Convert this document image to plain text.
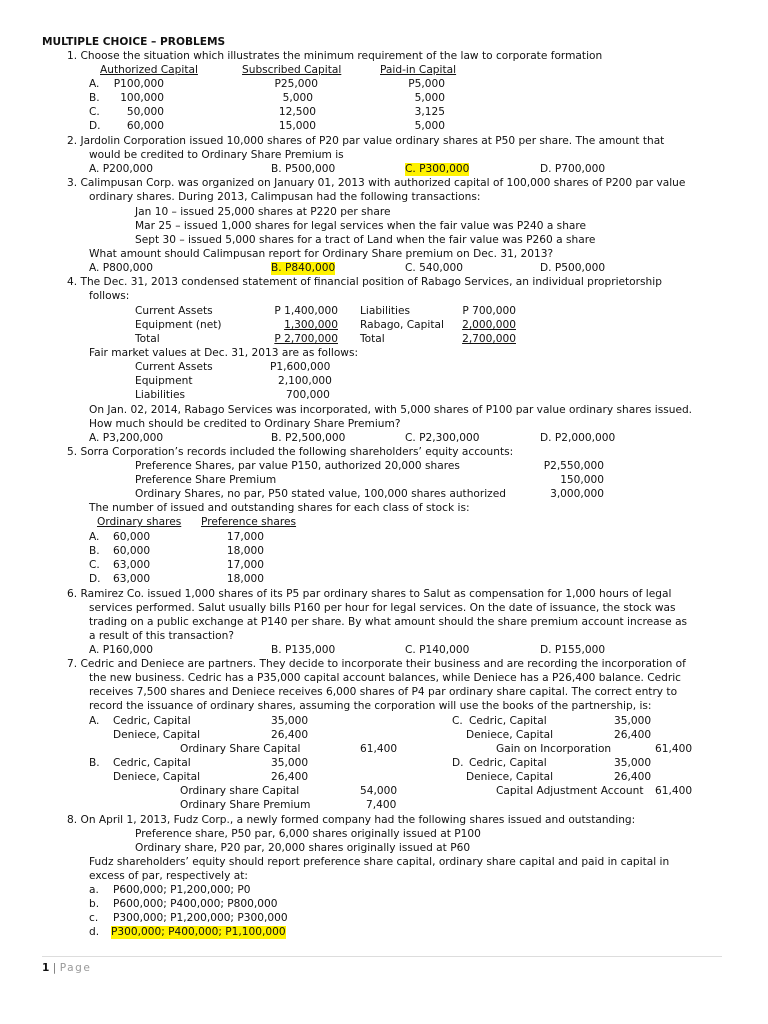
MULTIPLE CHOICE – PROBLEMS
1. Choose the situation which illustrates the minimum requirement of the law to corporate formation
Authorized Capital	Subscribed Capital	Paid-in Capital
A.	P100,000	P25,000	P5,000
B.	100,000	5,000	5,000
C.	50,000	12,500	3,125
D.	60,000	15,000	5,000
2. Jardolin Corporation issued 10,000 shares of P20 par value ordinary shares at P50 per share. The amount that
would be credited to Ordinary Share Premium is
A. P200,000	B. P500,000	C. P300,000	D. P700,000
3. Calimpusan Corp. was organized on January 01, 2013 with authorized capital of 100,000 shares of P200 par value
ordinary shares. During 2013, Calimpusan had the following transactions:
Jan 10 – issued 25,000 shares at P220 per share
Mar 25 – issued 1,000 shares for legal services when the fair value was P240 a share
Sept 30 – issued 5,000 shares for a tract of Land when the fair value was P260 a share
What amount should Calimpusan report for Ordinary Share premium on Dec. 31, 2013?
A. P800,000	B. P840,000	C. 540,000	D. P500,000
4. The Dec. 31, 2013 condensed statement of financial position of Rabago Services, an individual proprietorship
follows:
Current Assets	P 1,400,000 Liabilities	P 700,000
Equipment (net)	1,300,000 Rabago, Capital	2,000,000
Total	P 2,700,000 Total	2,700,000
Fair market values at Dec. 31, 2013 are as follows:
Current Assets	P1,600,000
Equipment	2,100,000
Liabilities	700,000
On Jan. 02, 2014, Rabago Services was incorporated, with 5,000 shares of P100 par value ordinary shares issued.
How much should be credited to Ordinary Share Premium?
A. P3,200,000	B. P2,500,000	C. P2,300,000	D. P2,000,000
5. Sorra Corporation’s records included the following shareholders’ equity accounts:
Preference Shares, par value P150, authorized 20,000 shares	P2,550,000
Preference Share Premium	150,000
Ordinary Shares, no par, P50 stated value, 100,000 shares authorized	3,000,000
The number of issued and outstanding shares for each class of stock is:
Ordinary shares Preference shares
A. 60,000	17,000
B. 60,000	18,000
C. 63,000	17,000
D. 63,000	18,000
6. Ramirez Co. issued 1,000 shares of its P5 par ordinary shares to Salut as compensation for 1,000 hours of legal
services performed. Salut usually bills P160 per hour for legal services. On the date of issuance, the stock was
trading on a public exchange at P140 per share. By what amount should the share premium account increase as
a result of this transaction?
A. P160,000	B. P135,000	C. P140,000	D. P155,000
7. Cedric and Deniece are partners. They decide to incorporate their business and are recording the incorporation of
the new business. Cedric has a P35,000 capital account balances, while Deniece has a P26,400 balance. Cedric
receives 7,500 shares and Deniece receives 6,000 shares of P4 par ordinary share capital. The correct entry to
record the issuance of ordinary shares, assuming the corporation will use the books of the partnership, is:
A. Cedric, Capital	35,000
Deniece, Capital	26,400
Ordinary Share Capital	61,400
C. Cedric, Capital	35,000
Deniece, Capital	26,400
Gain on Incorporation	61,400
B. Cedric, Capital	35,000
Deniece, Capital	26,400
Ordinary share Capital	54,000
Ordinary Share Premium	7,400
D. Cedric, Capital	35,000
Deniece, Capital	26,400
Capital Adjustment Account 61,400
8. On April 1, 2013, Fudz Corp., a newly formed company had the following shares issued and outstanding:
Preference share, P50 par, 6,000 shares originally issued at P100
Ordinary share, P20 par, 20,000 shares originally issued at P60
Fudz shareholders’ equity should report preference share capital, ordinary share capital and paid in capital in
excess of par, respectively at:
a. P600,000; P1,200,000; P0
b. P600,000; P400,000; P800,000
c. P300,000; P1,200,000; P300,000
d. P300,000; P400,000; P1,100,000
1 | Page
